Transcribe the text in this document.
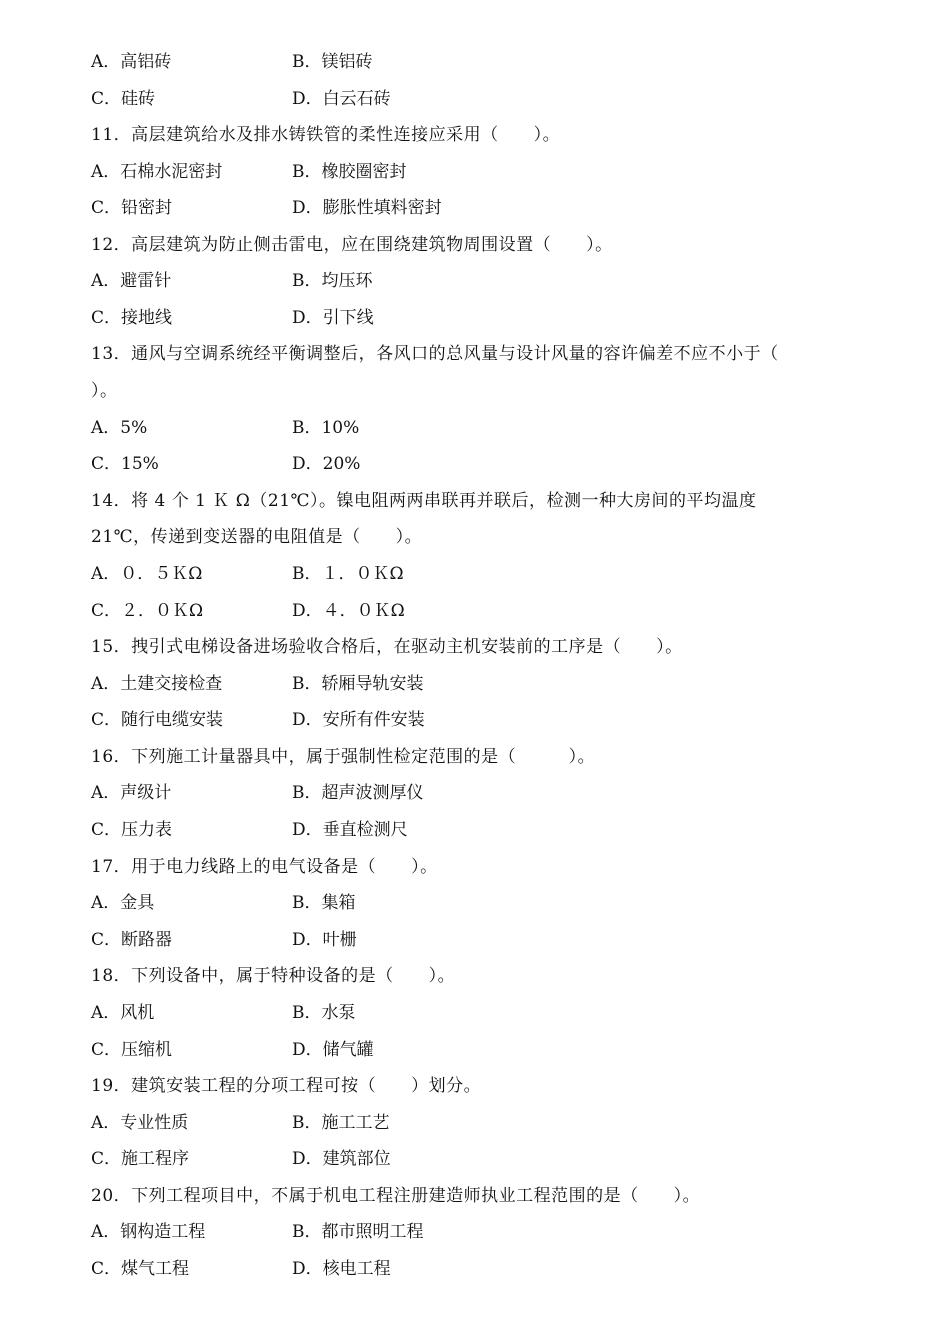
A．高铝砖	B．镁铝砖
C．硅砖	D．白云石砖
11．高层建筑给水及排水铸铁管的柔性连接应采用（　　）。
A．石棉水泥密封	B．橡胶圈密封
C．铅密封	D．膨胀性填料密封
12．高层建筑为防止侧击雷电，应在围绕建筑物周围设置（　　）。
A．避雷针	B．均压环
C．接地线	D．引下线
13．通风与空调系统经平衡调整后，各风口的总风量与设计风量的容许偏差不应不小于（
）。
A．5%	B．10%
C．15%	D．20%
14．将 4 个 1 Ｋ Ω（21℃）。镍电阻两两串联再并联后，检测一种大房间的平均温度
21℃，传递到变送器的电阻值是（　　）。
A．０．５ＫΩ	B．１．０ＫΩ
C．２．０ＫΩ	D．４．０ＫΩ
15．拽引式电梯设备进场验收合格后，在驱动主机安装前的工序是（　　）。
A．土建交接检查	B．轿厢导轨安装
C．随行电缆安装	D．安所有件安装
16．下列施工计量器具中，属于强制性检定范围的是（　　　）。
A．声级计	B．超声波测厚仪
C．压力表	D．垂直检测尺
17．用于电力线路上的电气设备是（　　）。
A．金具	B．集箱
C．断路器	D．叶栅
18．下列设备中，属于特种设备的是（　　）。
A．风机	B．水泵
C．压缩机	D．储气罐
19．建筑安装工程的分项工程可按（　　）划分。
A．专业性质	B．施工工艺
C．施工程序	D．建筑部位
20．下列工程项目中，不属于机电工程注册建造师执业工程范围的是（　　）。
A．钢构造工程	B．都市照明工程
C．煤气工程	D．核电工程
